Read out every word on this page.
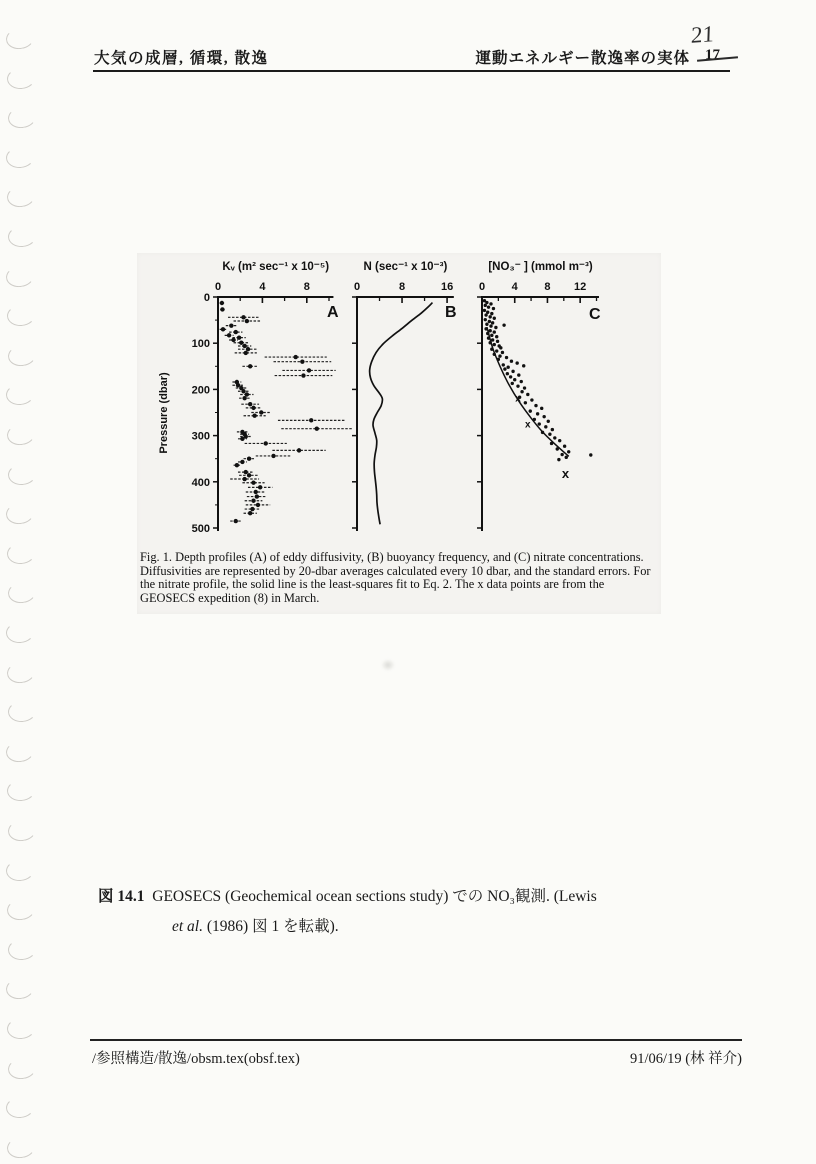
大気の成層, 循環, 散逸	運動エネルギー散逸率の実体
21
17
0	4	8
0
100
200
300
400
500
Pressure (dbar)
Kᵥ (m² sec⁻¹ x 10⁻⁵)
A
0	8	16
N (sec⁻¹ x 10⁻³)
B
0 4 8 12
[NO₃⁻ ] (mmol m⁻³)
C
x
x
x
Fig. 1. Depth profiles (A) of eddy diffusivity, (B) buoyancy frequency, and (C) nitrate concentrations.
Diffusivities are represented by 20-dbar averages calculated every 10 dbar, and the standard errors. For
the nitrate profile, the solid line is the least-squares fit to Eq. 2. The x data points are from the
GEOSECS expedition (8) in March.
図 14.1 GEOSECS (Geochemical ocean sections study) での NO₃観測. (Lewis
et al. (1986) 図 1 を転載).
/参照構造/散逸/obsm.tex(obsf.tex)	91/06/19 (林 祥介)
